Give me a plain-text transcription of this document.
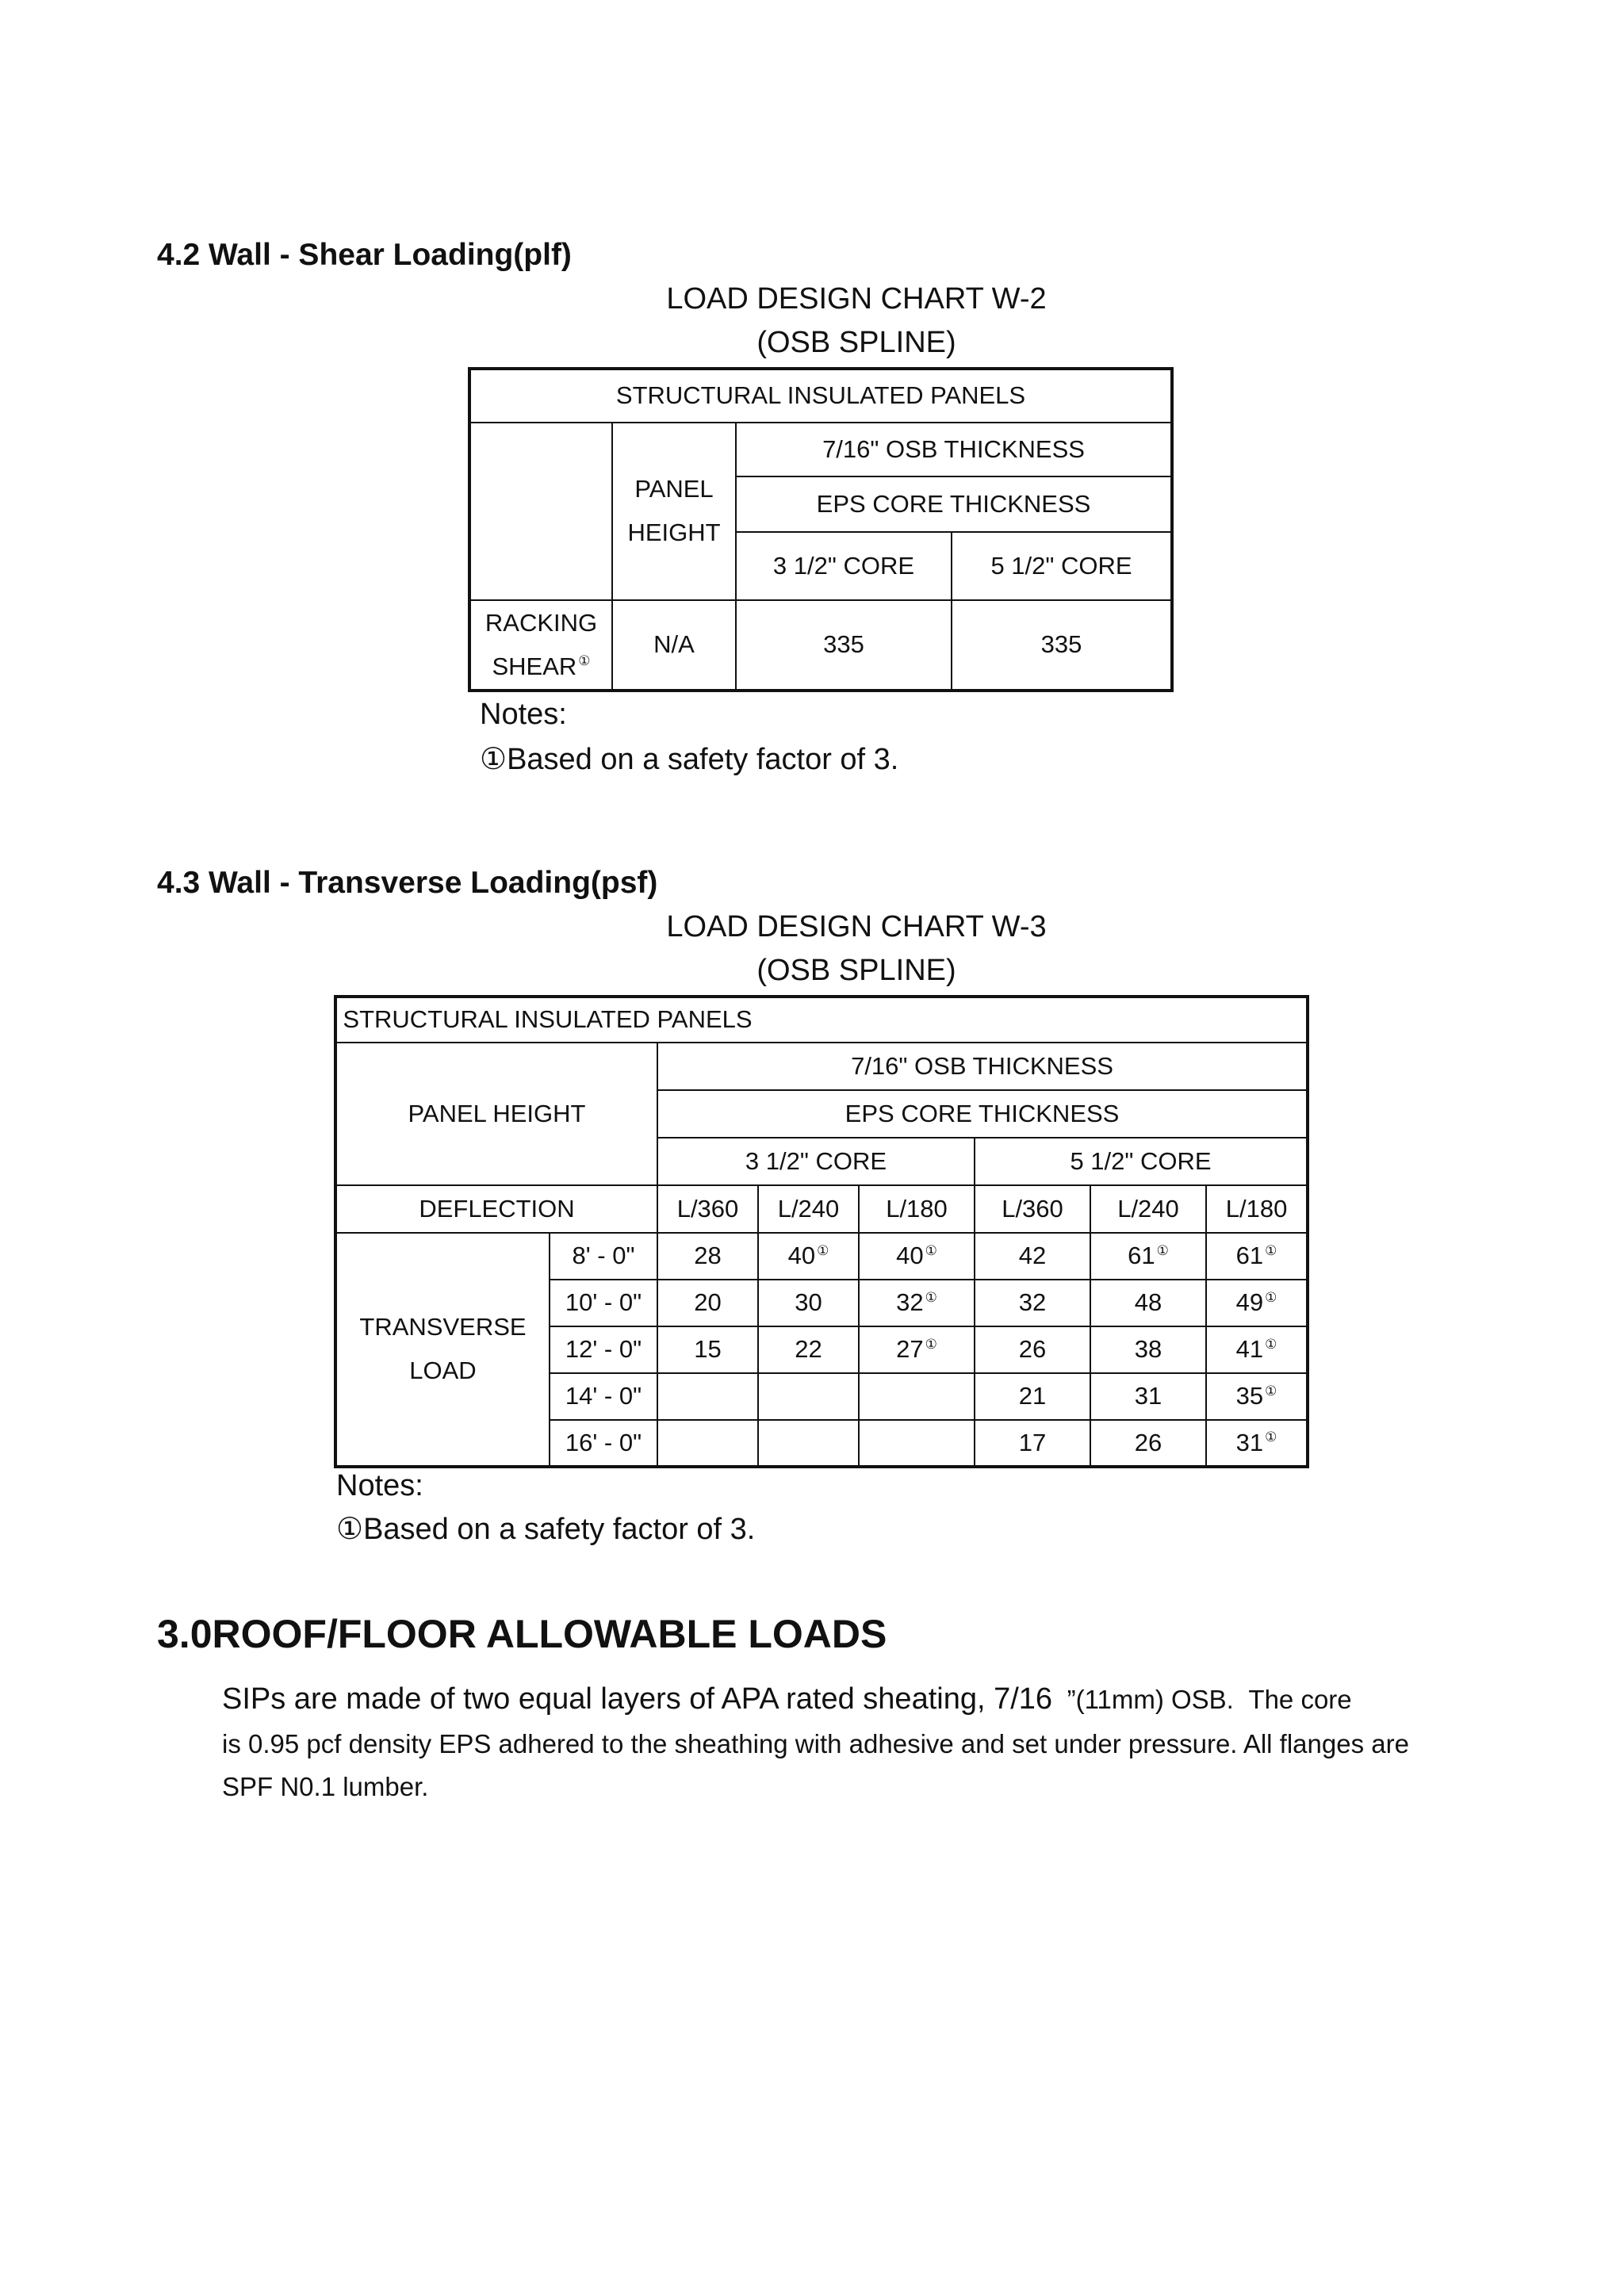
4.2 Wall - Shear Loading(plf)
LOAD DESIGN CHART W-2
(OSB SPLINE)
STRUCTURAL INSULATED PANELS			

	PANEL
HEIGHT	7/16" OSB THICKNESS	
		EPS CORE THICKNESS	
		3 1/2" CORE	5 1/2" CORE

RACKING
SHEAR ①	N/A	335	335
Notes:
①Based on a safety factor of 3.
4.3 Wall - Transverse Loading(psf)
LOAD DESIGN CHART W-3
(OSB SPLINE)
STRUCTURAL INSULATED PANELS							
PANEL HEIGHT		7/16" OSB THICKNESS					
		EPS CORE THICKNESS					
		3 1/2" CORE			5 1/2" CORE		
DEFLECTION		L/360	L/240	L/180	L/360	L/240	L/180

TRANSVERSE
LOAD	8' - 0"	28	40 ①	40 ①	42	61 ①	61 ①
	10' - 0"	20	30	32 ①	32	48	49 ①
	12' - 0"	15	22	27 ①	26	38	41 ①
	14' - 0"				21	31	35 ①
	16' - 0"				17	26	31 ①
Notes:
①Based on a safety factor of 3.
3.0ROOF/FLOOR ALLOWABLE LOADS
SIPs are made of two equal layers of APA rated sheating, 7/16 ”(11mm) OSB. The core
is 0.95 pcf density EPS adhered to the sheathing with adhesive and set under pressure. All flanges are
SPF N0.1 lumber.
